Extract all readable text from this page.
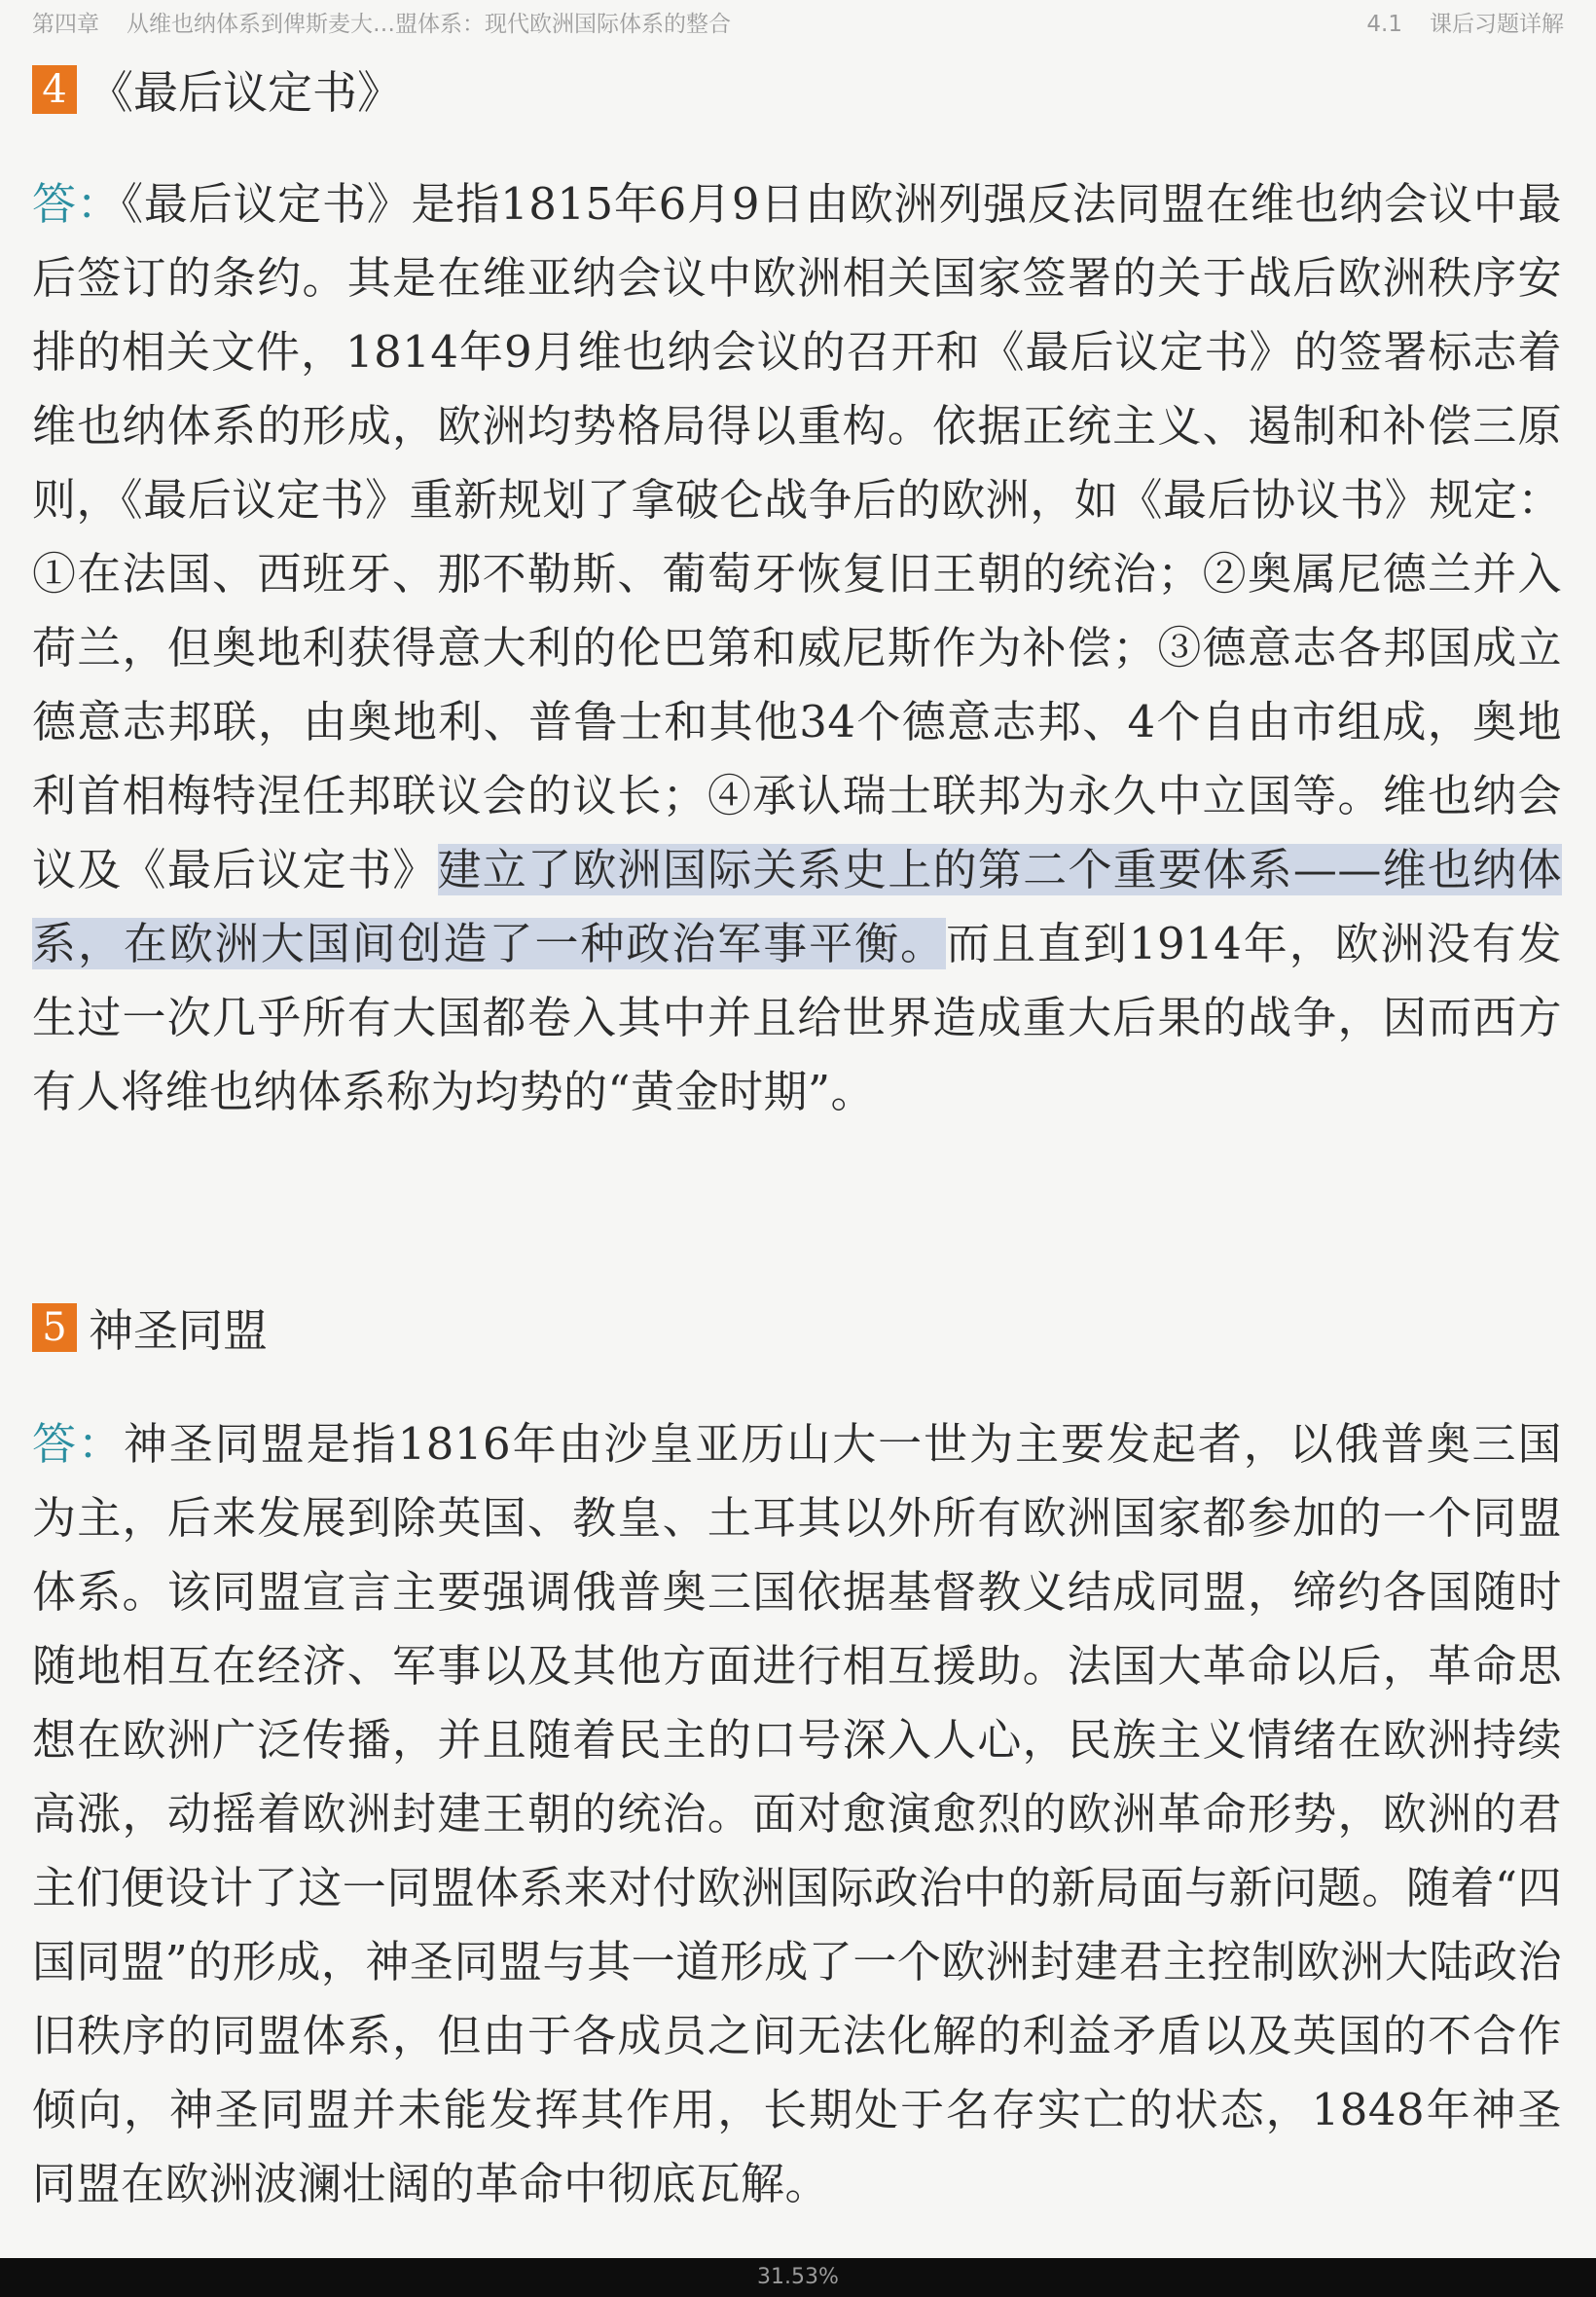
第四章 从维也纳体系到俾斯麦大…盟体系：现代欧洲国际体系的整合	4.1 课后习题详解
4 《最后议定书》
答：《最后议定书》是指1815年6月9日由欧洲列强反法同盟在维也纳会议中最后签订的条约。其是在维亚纳会议中欧洲相关国家签署的关于战后欧洲秩序安排的相关文件，1814年9月维也纳会议的召开和《最后议定书》的签署标志着维也纳体系的形成，欧洲均势格局得以重构。依据正统主义、遏制和补偿三原则，《最后议定书》重新规划了拿破仑战争后的欧洲，如《最后协议书》规定：①在法国、西班牙、那不勒斯、葡萄牙恢复旧王朝的统治；②奥属尼德兰并入荷兰，但奥地利获得意大利的伦巴第和威尼斯作为补偿；③德意志各邦国成立德意志邦联，由奥地利、普鲁士和其他34个德意志邦、4个自由市组成，奥地利首相梅特涅任邦联议会的议长；④承认瑞士联邦为永久中立国等。维也纳会议及《最后议定书》建立了欧洲国际关系史上的第二个重要体系——维也纳体系，在欧洲大国间创造了一种政治军事平衡。而且直到1914年，欧洲没有发生过一次几乎所有大国都卷入其中并且给世界造成重大后果的战争，因而西方有人将维也纳体系称为均势的“黄金时期”。
5 神圣同盟
答：神圣同盟是指1816年由沙皇亚历山大一世为主要发起者，以俄普奥三国为主，后来发展到除英国、教皇、土耳其以外所有欧洲国家都参加的一个同盟体系。该同盟宣言主要强调俄普奥三国依据基督教义结成同盟，缔约各国随时随地相互在经济、军事以及其他方面进行相互援助。法国大革命以后，革命思想在欧洲广泛传播，并且随着民主的口号深入人心，民族主义情绪在欧洲持续高涨，动摇着欧洲封建王朝的统治。面对愈演愈烈的欧洲革命形势，欧洲的君主们便设计了这一同盟体系来对付欧洲国际政治中的新局面与新问题。随着“四国同盟”的形成，神圣同盟与其一道形成了一个欧洲封建君主控制欧洲大陆政治旧秩序的同盟体系，但由于各成员之间无法化解的利益矛盾以及英国的不合作倾向，神圣同盟并未能发挥其作用，长期处于名存实亡的状态，1848年神圣同盟在欧洲波澜壮阔的革命中彻底瓦解。
31.53%
